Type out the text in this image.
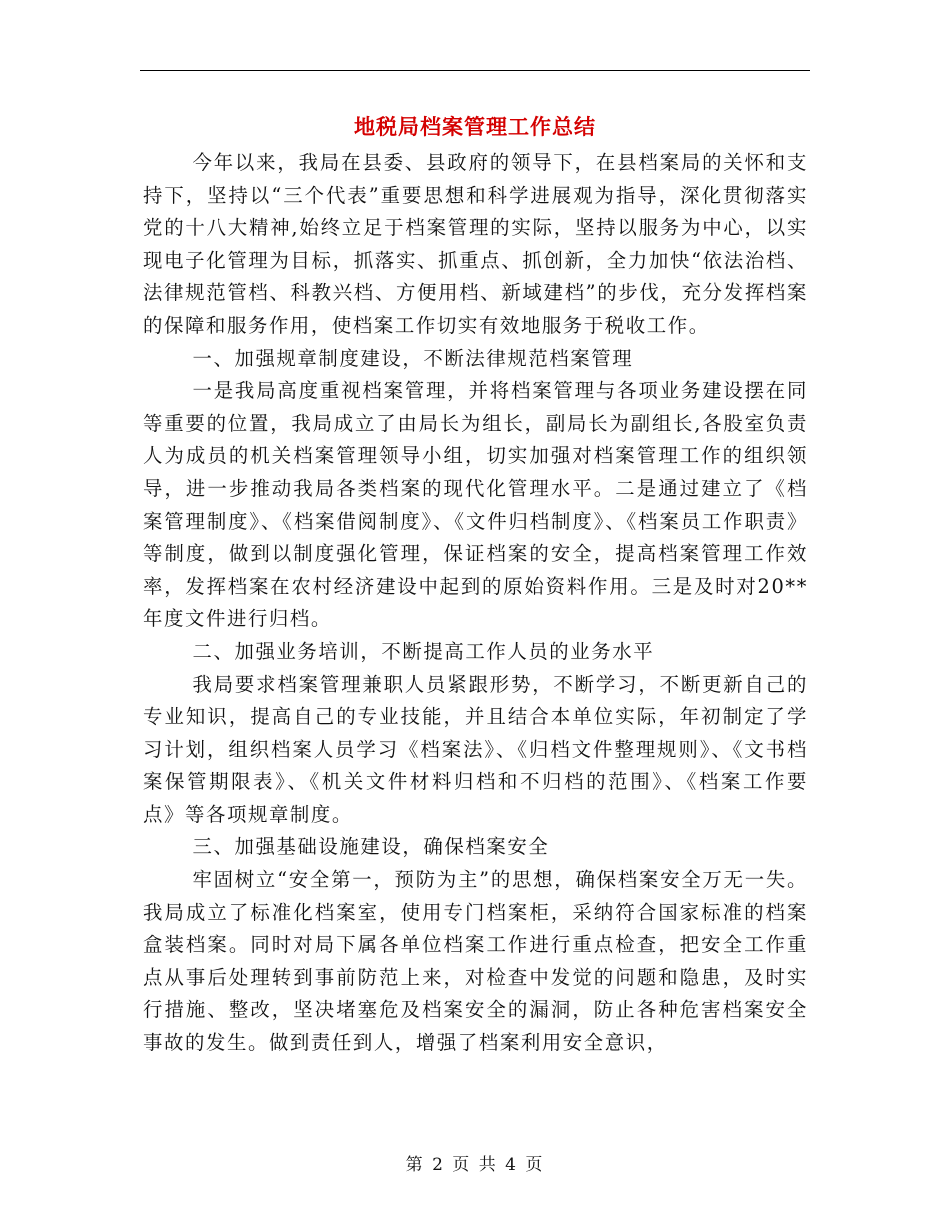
地税局档案管理工作总结

今年以来，我局在县委、县政府的领导下，在县档案局的关怀和支持下，坚持以“三个代表”重要思想和科学进展观为指导，深化贯彻落实党的十八大精神,始终立足于档案管理的实际，坚持以服务为中心，以实现电子化管理为目标，抓落实、抓重点、抓创新，全力加快“依法治档、法律规范管档、科教兴档、方便用档、新域建档”的步伐，充分发挥档案的保障和服务作用，使档案工作切实有效地服务于税收工作。

一、加强规章制度建设，不断法律规范档案管理

一是我局高度重视档案管理，并将档案管理与各项业务建设摆在同等重要的位置，我局成立了由局长为组长，副局长为副组长,各股室负责人为成员的机关档案管理领导小组，切实加强对档案管理工作的组织领导，进一步推动我局各类档案的现代化管理水平。二是通过建立了《档案管理制度》、《档案借阅制度》、《文件归档制度》、《档案员工作职责》等制度，做到以制度强化管理，保证档案的安全，提高档案管理工作效率，发挥档案在农村经济建设中起到的原始资料作用。三是及时对20**年度文件进行归档。

二、加强业务培训，不断提高工作人员的业务水平

我局要求档案管理兼职人员紧跟形势，不断学习，不断更新自己的专业知识，提高自己的专业技能，并且结合本单位实际，年初制定了学习计划，组织档案人员学习《档案法》、《归档文件整理规则》、《文书档案保管期限表》、《机关文件材料归档和不归档的范围》、《档案工作要点》等各项规章制度。

三、加强基础设施建设，确保档案安全

牢固树立“安全第一，预防为主”的思想，确保档案安全万无一失。我局成立了标准化档案室，使用专门档案柜，采纳符合国家标准的档案盒装档案。同时对局下属各单位档案工作进行重点检查，把安全工作重点从事后处理转到事前防范上来，对检查中发觉的问题和隐患，及时实行措施、整改，坚决堵塞危及档案安全的漏洞，防止各种危害档案安全事故的发生。做到责任到人，增强了档案利用安全意识，

第 2 页 共 4 页
